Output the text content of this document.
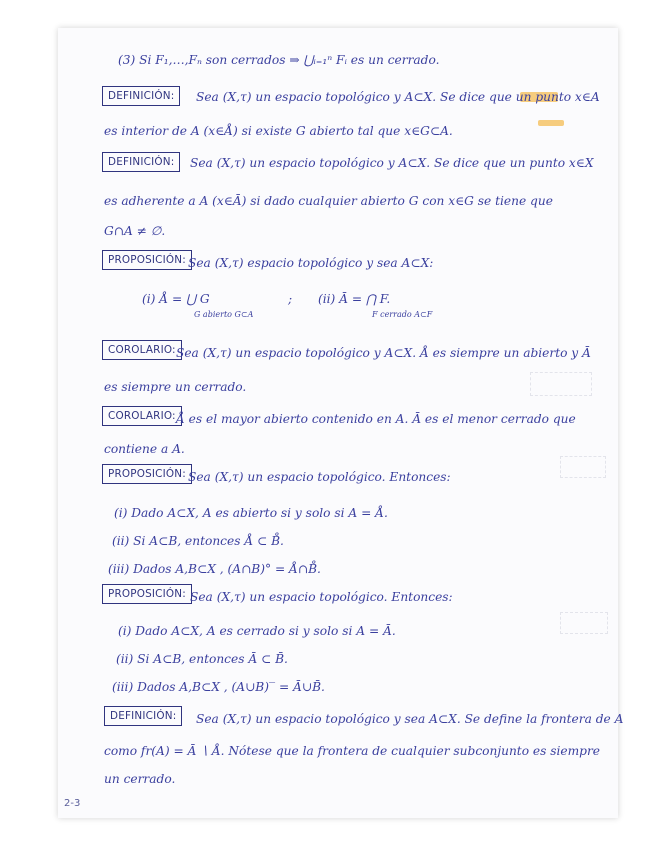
(3) Si F₁,…,Fₙ son cerrados ⇒ ⋃ᵢ₌₁ⁿ Fᵢ es un cerrado.
DEFINICIÓN:	Sea (X,τ) un espacio topológico y A⊂X. Se dice que un punto x∈A
es interior de A (x∈Å) si existe G abierto tal que x∈G⊂A.
DEFINICIÓN:	Sea (X,τ) un espacio topológico y A⊂X. Se dice que un punto x∈X
es adherente a A (x∈Ā) si dado cualquier abierto G con x∈G se tiene que
G∩A ≠ ∅.
PROPOSICIÓN: Sea (X,τ) espacio topológico y sea A⊂X:
(i) Å = ⋃ G
G abierto G⊂A
; (ii) Ā = ⋂ F.
F cerrado A⊂F
COROLARIO: Sea (X,τ) un espacio topológico y A⊂X. Å es siempre un abierto y Ā
es siempre un cerrado.
COROLARIO: Å es el mayor abierto contenido en A. Ā es el menor cerrado que
contiene a A.
PROPOSICIÓN: Sea (X,τ) un espacio topológico. Entonces:
(i) Dado A⊂X, A es abierto si y solo si A = Å.
(ii) Si A⊂B, entonces Å ⊂ B̊.
(iii) Dados A,B⊂X , (A∩B)° = Å∩B̊.
PROPOSICIÓN: Sea (X,τ) un espacio topológico. Entonces:
(i) Dado A⊂X, A es cerrado si y solo si A = Ā.
(ii) Si A⊂B, entonces Ā ⊂ B̄.
(iii) Dados A,B⊂X , (A∪B)‾ = Ā∪B̄.
DEFINICIÓN:	Sea (X,τ) un espacio topológico y sea A⊂X. Se define la frontera de A
como fr(A) = Ā ∖ Å. Nótese que la frontera de cualquier subconjunto es siempre
un cerrado.
2-3
